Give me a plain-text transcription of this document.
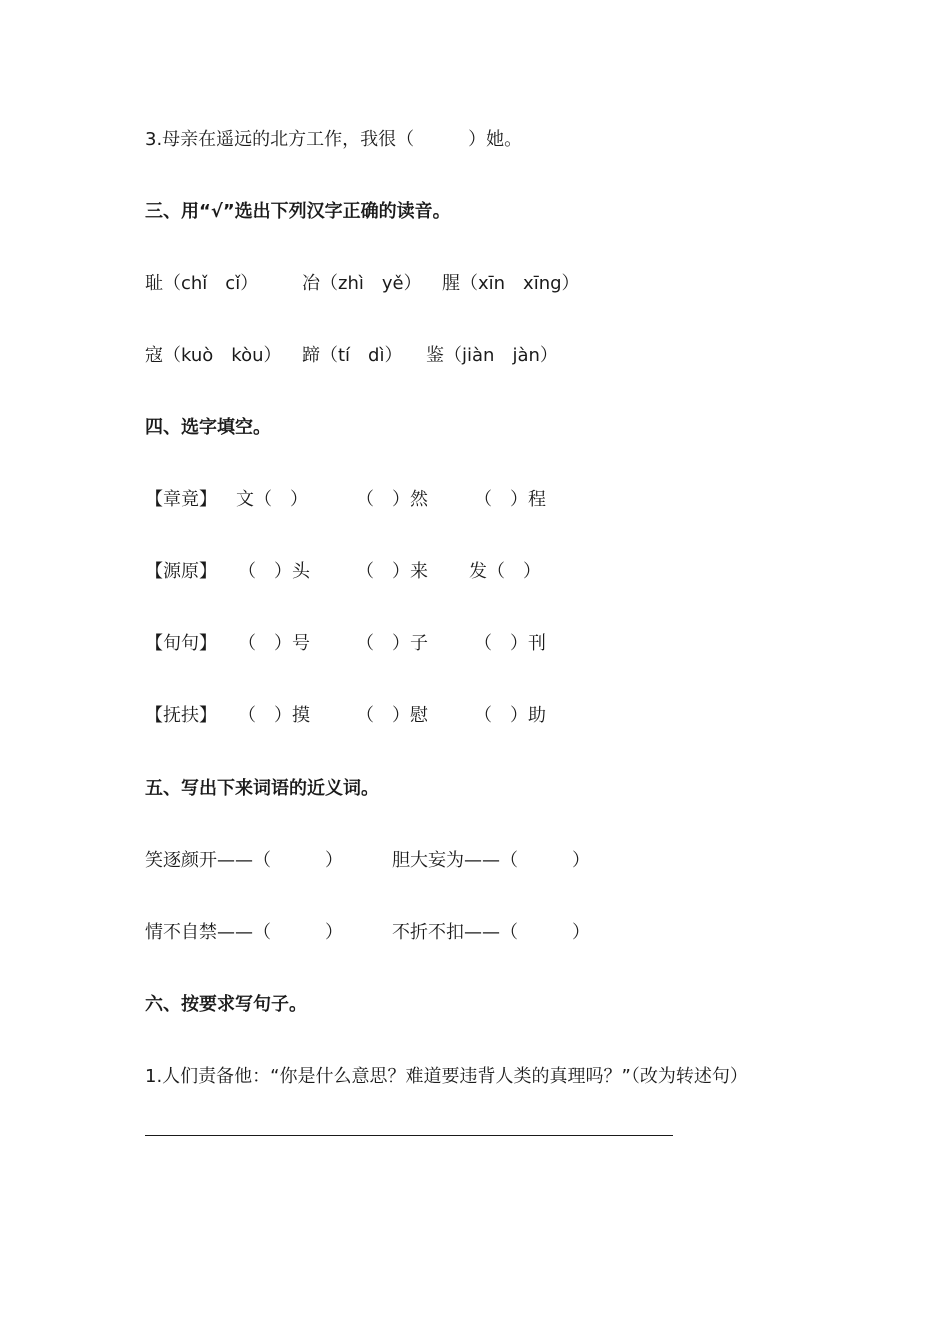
3.母亲在遥远的北方工作，我很（　　　）她。
三、用“√”选出下列汉字正确的读音。
耻（chǐ　cǐ） 冶（zhì　yě） 腥（xīn　xīng）
寇（kuò　kòu） 蹄（tí　dì） 鉴（jiàn　jàn）
四、选字填空。
【章竟】 文（　）	（　）然	（　）程
【源原】 （　）头	（　）来 发（　）
【旬句】 （　）号	（　）子	（　）刊
【抚扶】 （　）摸	（　）慰	（　）助
五、写出下来词语的近义词。
笑逐颜开——（　　　）	胆大妄为——（　　　）
情不自禁——（　　　）	不折不扣——（　　　）
六、按要求写句子。
1.人们责备他：“你是什么意思？难道要违背人类的真理吗？”（改为转述句）
